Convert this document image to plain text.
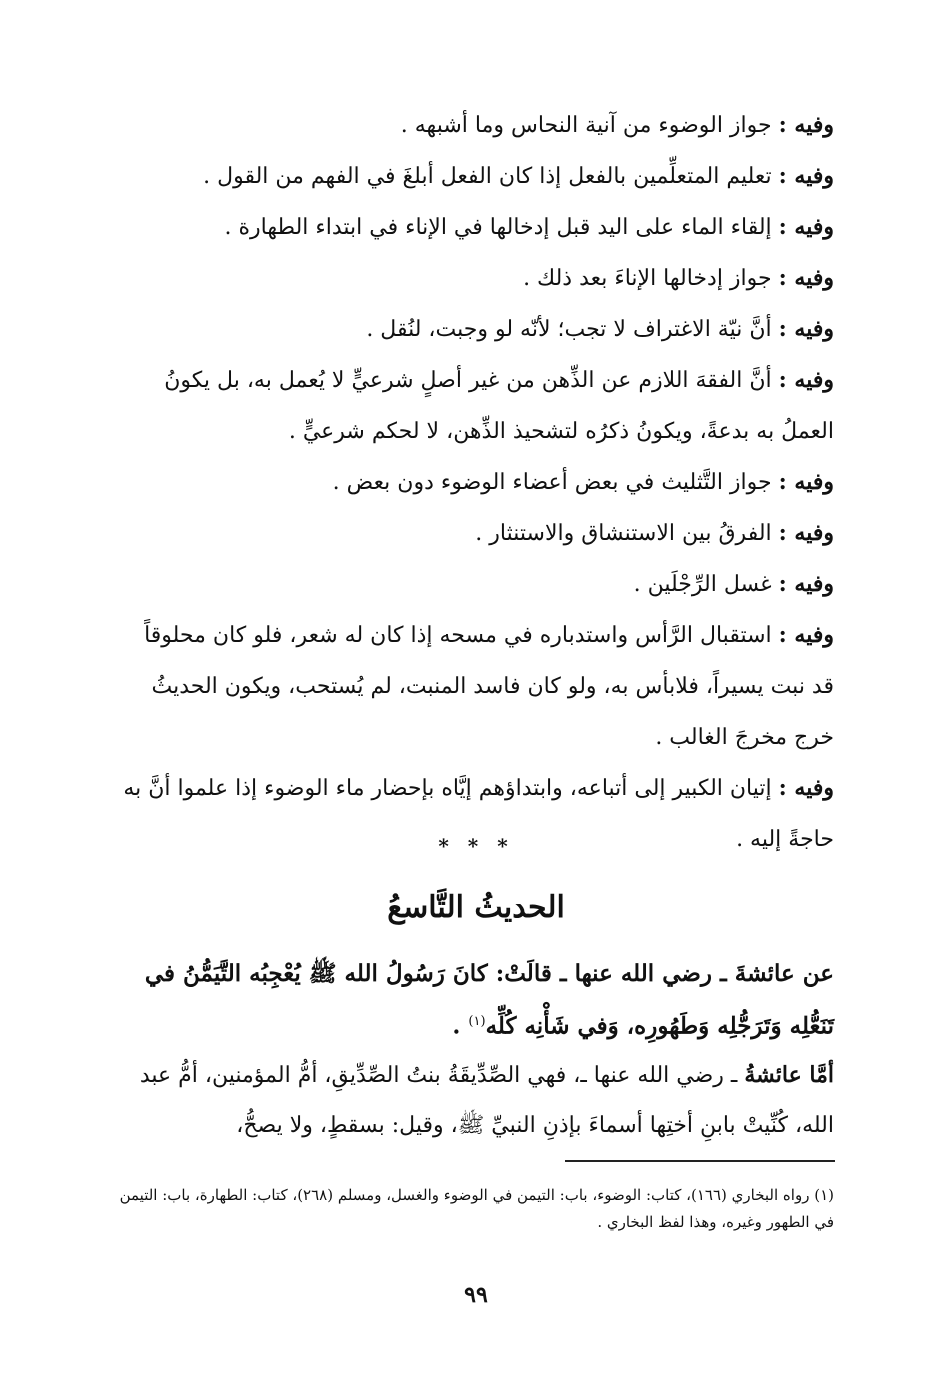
وفيه : جواز الوضوء من آنية النحاس وما أشبهه .

وفيه : تعليم المتعلِّمين بالفعل إذا كان الفعل أبلغَ في الفهم من القول .

وفيه : إلقاء الماء على اليد قبل إدخالها في الإناء في ابتداء الطهارة .

وفيه : جواز إدخالها الإناءَ بعد ذلك .

وفيه : أنَّ نيّة الاغتراف لا تجب؛ لأنّه لو وجبت، لنُقل .

وفيه : أنَّ الفقهَ اللازم عن الذِّهن من غير أصلٍ شرعيٍّ لا يُعمل به، بل يكونُ العملُ به بدعةً، ويكونُ ذكرُه لتشحيذ الذِّهن، لا لحكم شرعيٍّ .

وفيه : جواز التَّثليث في بعض أعضاء الوضوء دون بعض .

وفيه : الفرقُ بين الاستنشاق والاستنثار .

وفيه : غسل الرِّجْلَين .

وفيه : استقبال الرَّأس واستدباره في مسحه إذا كان له شعر، فلو كان محلوقاً قد نبت يسيراً، فلابأس به، ولو كان فاسد المنبت، لم يُستحب، ويكون الحديثُ خرج مخرجَ الغالب .

وفيه : إتيان الكبير إلى أتباعه، وابتداؤهم إيَّاه بإحضار ماء الوضوء إذا علموا أنَّ به حاجةً إليه .

* * *
الحديثُ التَّاسعُ

عن عائشةَ ـ رضي الله عنها ـ قالَتْ: كانَ رَسُولُ الله ﷺ يُعْجِبُه التَّيَمُّنُ في تَنَعُّلِه وَتَرَجُّلِه وَطَهُورِه، وَفي شَأْنِه كُلِّه$^{(١)}$ .

أمَّا عائشةُ ـ رضي الله عنها ـ، فهي الصِّدِّيقَةُ بنتُ الصِّدِّيقِ، أمُّ المؤمنين، أمُّ عبد الله، كُنِّيتْ بابنِ أختِها أسماءَ بإذنِ النبيِّ ﷺ، وقيل: بسقطٍ، ولا يصحُّ،

(١) رواه البخاري (١٦٦)، كتاب: الوضوء، باب: التيمن في الوضوء والغسل، ومسلم (٢٦٨)، كتاب: الطهارة، باب: التيمن في الطهور وغيره، وهذا لفظ البخاري .

٩٩
